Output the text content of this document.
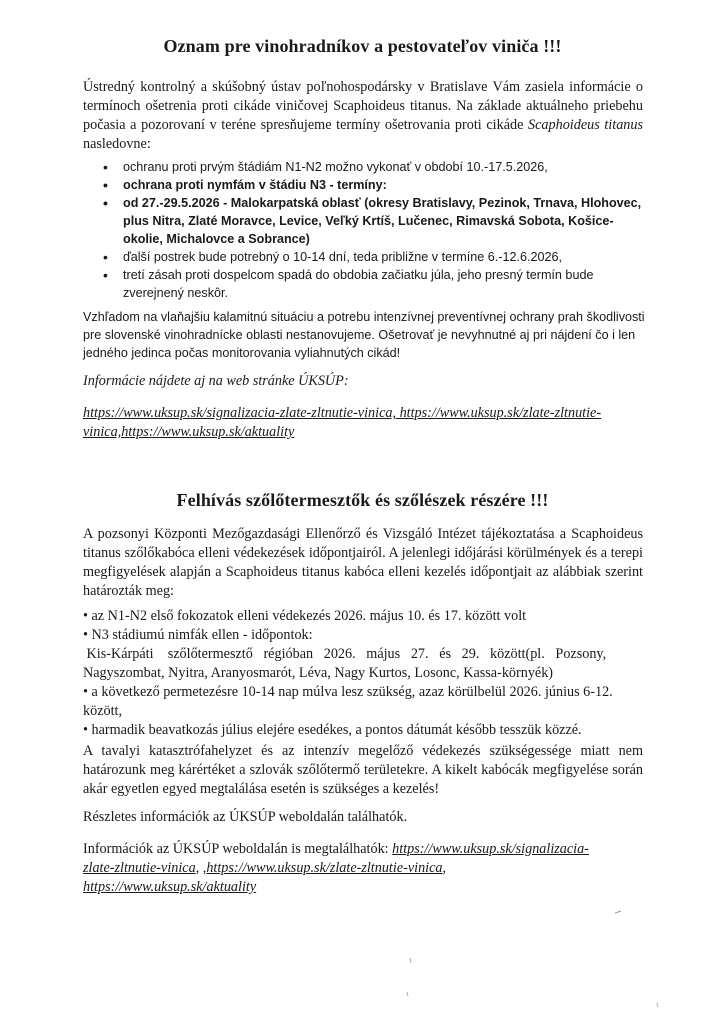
Oznam pre vinohradníkov a pestovateľov viniča !!!
Ústredný kontrolný a skúšobný ústav poľnohospodársky v Bratislave Vám zasiela informácie o termínoch ošetrenia proti cikáde viničovej Scaphoideus titanus. Na základe aktuálneho priebehu počasia a pozorovaní v teréne spresňujeme termíny ošetrovania proti cikáde Scaphoideus titanus nasledovne:
• ochranu proti prvým štádiám N1-N2 možno vykonať v období 10.-17.5.2026,
• ochrana proti nymfám v štádiu N3 - termíny:
• od 27.-29.5.2026 - Malokarpatská oblasť (okresy Bratislavy, Pezinok, Trnava, Hlohovec, plus Nitra, Zlaté Moravce, Levice, Veľký Krtíš, Lučenec, Rimavská Sobota, Košice-okolie, Michalovce a Sobrance)
• ďalší postrek bude potrebný o 10-14 dní, teda približne v termíne 6.-12.6.2026,
• tretí zásah proti dospelcom spadá do obdobia začiatku júla, jeho presný termín bude zverejnený neskôr.
Vzhľadom na vlaňajšiu kalamitnú situáciu a potrebu intenzívnej preventívnej ochrany prah škodlivosti pre slovenské vinohradnícke oblasti nestanovujeme. Ošetrovať je nevyhnutné aj pri nájdení čo i len jedného jedinca počas monitorovania vyliahnutých cikád!
Informácie nájdete aj na web stránke ÚKSÚP:
https://www.uksup.sk/signalizacia-zlate-zltnutie-vinica, https://www.uksup.sk/zlate-zltnutie-
vinica,https://www.uksup.sk/aktuality
Felhívás szőlőtermesztők és szőlészek részére !!!
A pozsonyi Központi Mezőgazdasági Ellenőrző és Vizsgáló Intézet tájékoztatása a Scaphoideus titanus szőlőkabóca elleni védekezések időpontjairól. A jelenlegi időjárási körülmények és a terepi megfigyelések alapján a Scaphoideus titanus kabóca elleni kezelés időpontjait az alábbiak szerint határozták meg:
• az N1-N2 első fokozatok elleni védekezés 2026. május 10. és 17. között volt
• N3 stádiumú nimfák ellen - időpontok:
Kis-Kárpáti    szőlőtermesztő   régióban   2026.   május   27.   és   29.   között(pl.   Pozsony,
Nagyszombat, Nyitra, Aranyosmarót, Léva, Nagy Kurtos, Losonc, Kassa-környék)
• a következő permetezésre 10-14 nap múlva lesz szükség, azaz körülbelül 2026. június 6-12.
között,
• harmadik beavatkozás július elejére esedékes, a pontos dátumát később tesszük közzé.
A tavalyi katasztrófahelyzet és az intenzív megelőző védekezés szükségessége miatt nem határozunk meg kárértéket a szlovák szőlőtermő területekre. A kikelt kabócák megfigyelése során akár egyetlen egyed megtalálása esetén is szükséges a kezelés!
Részletes információk az ÚKSÚP weboldalán találhatók.
Információk az ÚKSÚP weboldalán is megtalálhatók: https://www.uksup.sk/signalizacia-
zlate-zltnutie-vinica, ,https://www.uksup.sk/zlate-zltnutie-vinica,
https://www.uksup.sk/aktuality
